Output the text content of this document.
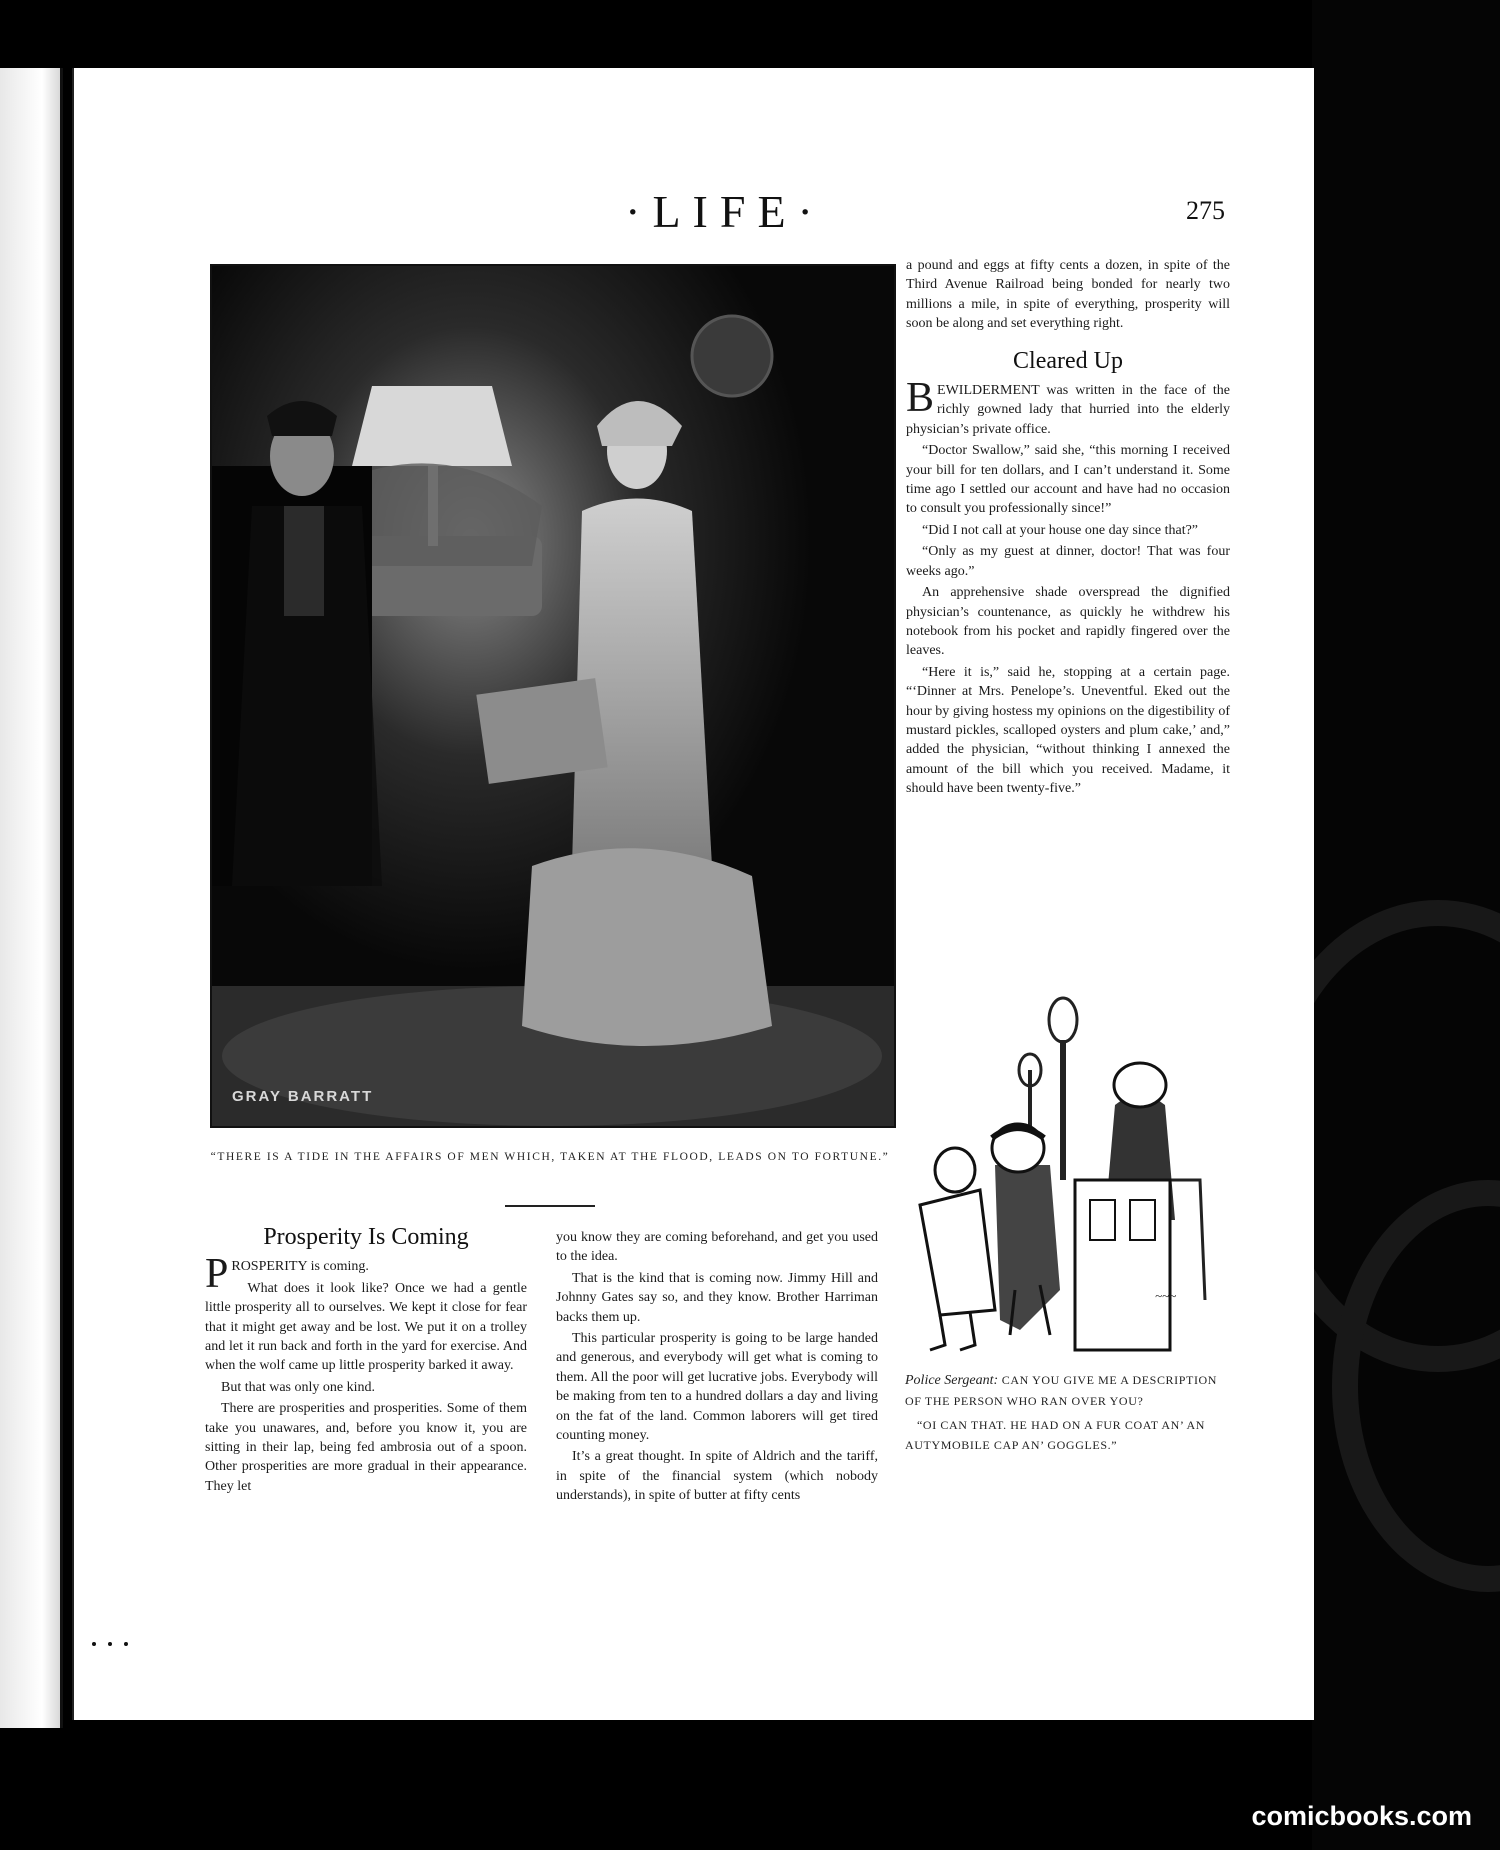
·LIFE·	275
GRAY BARRATT
“THERE IS A TIDE IN THE AFFAIRS OF MEN WHICH, TAKEN AT THE FLOOD, LEADS ON TO FORTUNE.”

a pound and eggs at fifty cents a dozen, in spite of the Third Avenue Railroad being bonded for nearly two millions a mile, in spite of everything, prosperity will soon be along and set everything right.

Cleared Up

BEWILDERMENT was written in the face of the richly gowned lady that hurried into the elderly physician’s private office.

“Doctor Swallow,” said she, “this morning I received your bill for ten dollars, and I can’t understand it. Some time ago I settled our account and have had no occasion to consult you professionally since!”

“Did I not call at your house one day since that?”

“Only as my guest at dinner, doctor! That was four weeks ago.”

An apprehensive shade overspread the dignified physician’s countenance, as quickly he withdrew his notebook from his pocket and rapidly fingered over the leaves.

“Here it is,” said he, stopping at a certain page. “‘Dinner at Mrs. Penelope’s. Uneventful. Eked out the hour by giving hostess my opinions on the digestibility of mustard pickles, scalloped oysters and plum cake,’ and,” added the physician, “without thinking I annexed the amount of the bill which you received. Madame, it should have been twenty-five.”

Prosperity Is Coming

PROSPERITY is coming.

What does it look like? Once we had a gentle little prosperity all to ourselves. We kept it close for fear that it might get away and be lost. We put it on a trolley and let it run back and forth in the yard for exercise. And when the wolf came up little prosperity barked it away.

But that was only one kind.

There are prosperities and prosperities. Some of them take you unawares, and, before you know it, you are sitting in their lap, being fed ambrosia out of a spoon. Other prosperities are more gradual in their appearance. They let

you know they are coming beforehand, and get you used to the idea.

That is the kind that is coming now. Jimmy Hill and Johnny Gates say so, and they know. Brother Harriman backs them up.

This particular prosperity is going to be large handed and generous, and everybody will get what is coming to them. All the poor will get lucrative jobs. Everybody will be making from ten to a hundred dollars a day and living on the fat of the land. Common laborers will get tired counting money.

It’s a great thought. In spite of Aldrich and the tariff, in spite of the financial system (which nobody understands), in spite of butter at fifty cents

~~~
Police Sergeant: CAN YOU GIVE ME A DESCRIPTION OF THE PERSON WHO RAN OVER YOU?
“OI CAN THAT. HE HAD ON A FUR COAT AN’ AN AUTYMOBILE CAP AN’ GOGGLES.”
comicbooks.com
